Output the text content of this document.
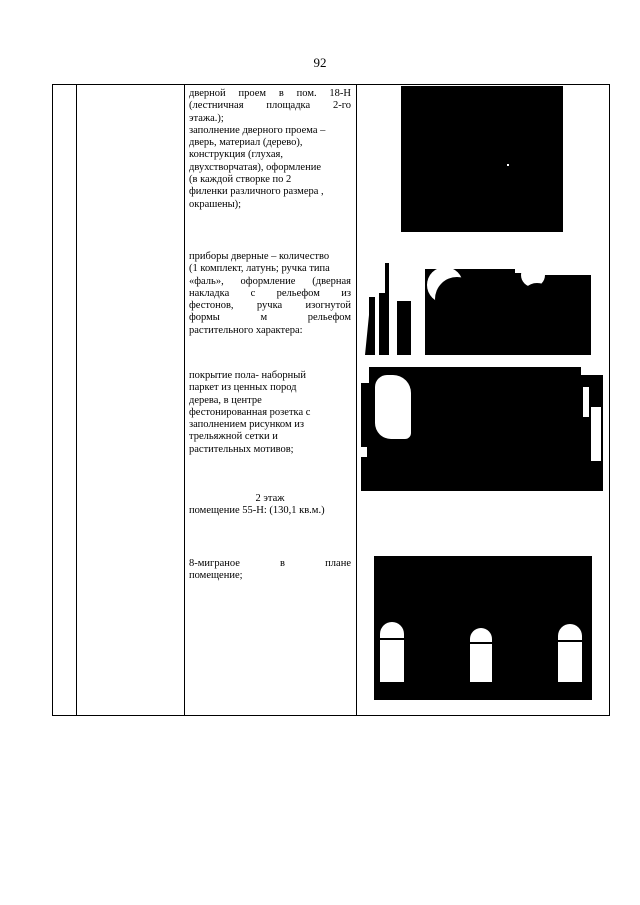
92
дверной проем в пом. 18-Н
(лестничная площадка 2-го
этажа.);
заполнение дверного проема –
дверь, материал (дерево),
конструкция (глухая,
двухстворчатая), оформление
(в каждой створке по 2
филенки различного размера ,
окрашены);
приборы дверные – количество
(1 комплект, латунь; ручка типа
«фаль», оформление (дверная
накладка с рельефом из
фестонов, ручка изогнутой
формы м рельефом
растительного характера:
покрытие пола- наборный
паркет из ценных пород
дерева, в центре
фестонированная розетка с
заполнением рисунком из
трельяжной сетки и
растительных мотивов;
2 этаж
помещение 55-Н: (130,1 кв.м.)
8-миграное в плане
помещение;
